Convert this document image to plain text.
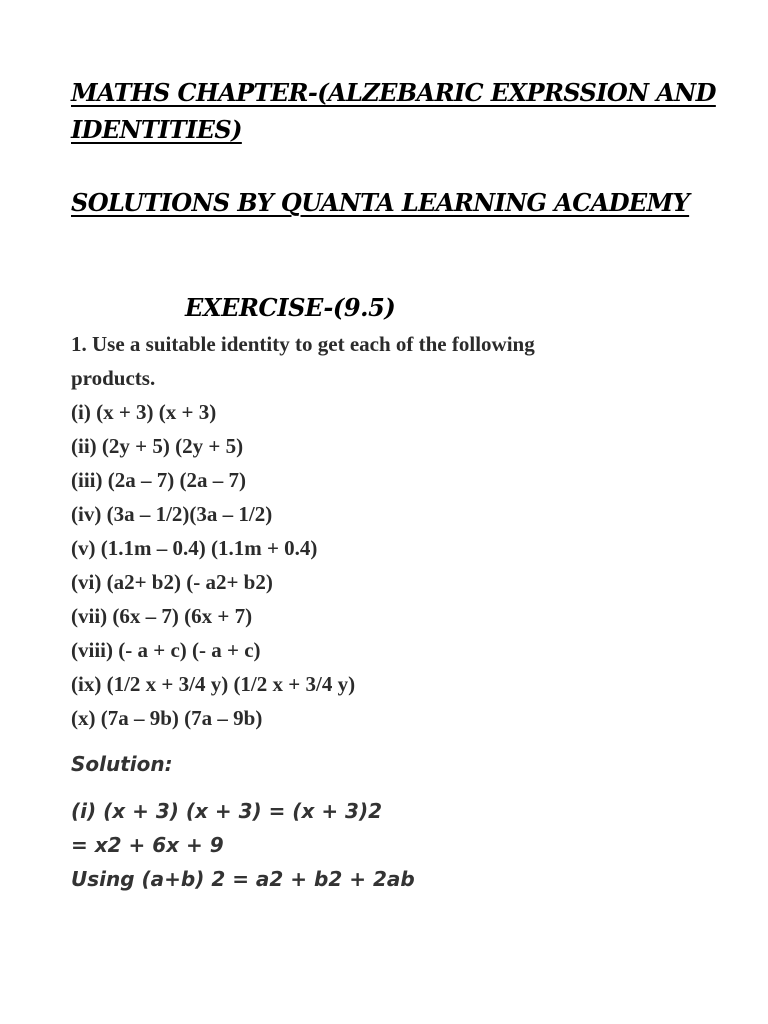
MATHS CHAPTER-(ALZEBARIC EXPRSSION AND IDENTITIES)
SOLUTIONS BY QUANTA LEARNING ACADEMY
EXERCISE-(9.5)
1. Use a suitable identity to get each of the following
products.
(i) (x + 3) (x + 3)
(ii) (2y + 5) (2y + 5)
(iii) (2a – 7) (2a – 7)
(iv) (3a – 1/2)(3a – 1/2)
(v) (1.1m – 0.4) (1.1m + 0.4)
(vi) (a2+ b2) (- a2+ b2)
(vii) (6x – 7) (6x + 7)
(viii) (- a + c) (- a + c)
(ix) (1/2 x + 3/4 y) (1/2 x + 3/4 y)
(x) (7a – 9b) (7a – 9b)
Solution:
(i) (x + 3) (x + 3) = (x + 3)2
= x2 + 6x + 9
Using (a+b) 2 = a2 + b2 + 2ab
